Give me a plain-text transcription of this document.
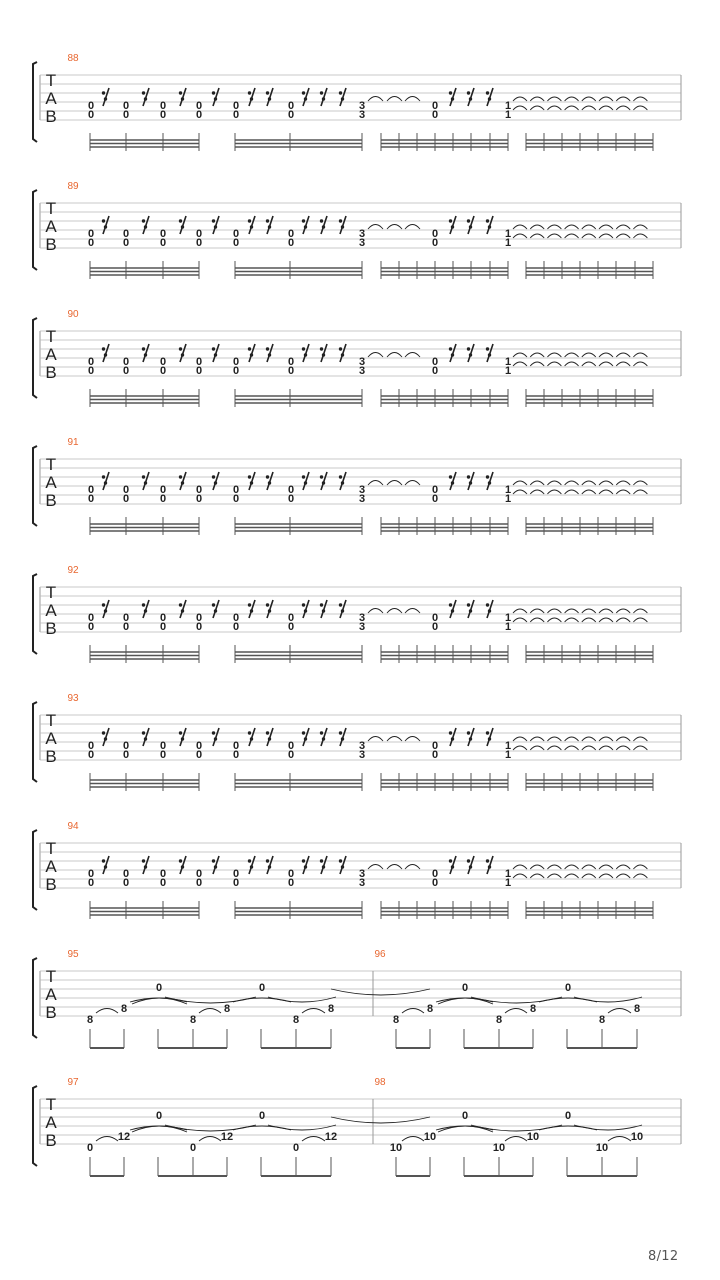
T
A
B
88
0
0
0
0
0
0
0
0
0
0
0
0
3
3
0
0
1
1
T
A
B
89
0
0
0
0
0
0
0
0
0
0
0
0
3
3
0
0
1
1
T
A
B
90
0
0
0
0
0
0
0
0
0
0
0
0
3
3
0
0
1
1
T
A
B
91
0
0
0
0
0
0
0
0
0
0
0
0
3
3
0
0
1
1
T
A
B
92
0
0
0
0
0
0
0
0
0
0
0
0
3
3
0
0
1
1
T
A
B
93
0
0
0
0
0
0
0
0
0
0
0
0
3
3
0
0
1
1
T
A
B
94
0
0
0
0
0
0
0
0
0
0
0
0
3
3
0
0
1
1
T
A
B
95	96
8	8	8
8	8	8
0	0
8	8	8
8	8	8
0	0
T
A
B
97	98
0	0	0
12	12	12
0	0
10	10	10
10	10	10
0	0
8/12
